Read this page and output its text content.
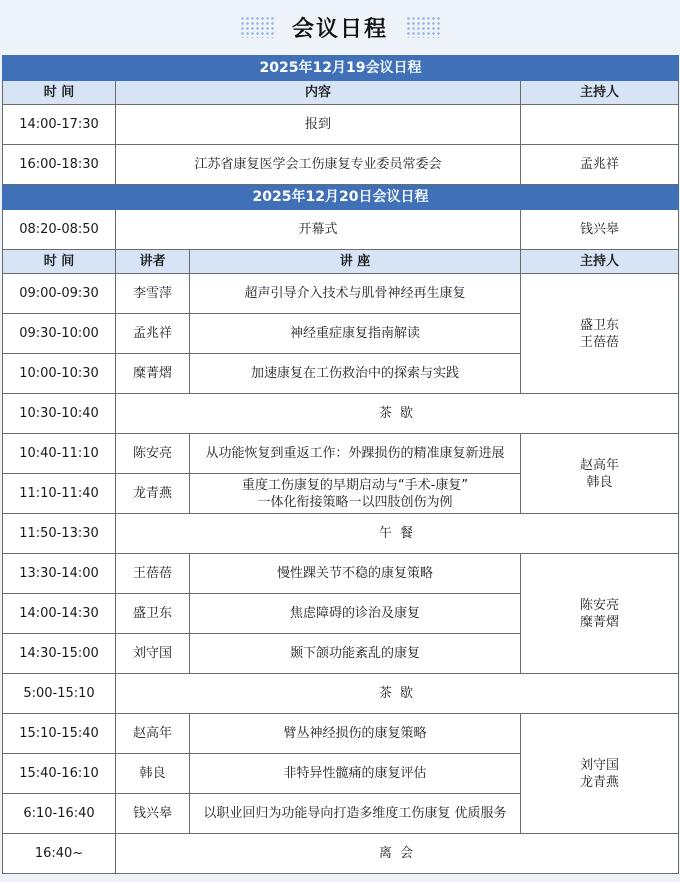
会议日程
2025年12月19会议日程			
时 间	内容		主持人
14:00-17:30	报到		
16:00-18:30	江苏省康复医学会工伤康复专业委员常委会		孟兆祥
2025年12月20日会议日程			
08:20-08:50	开幕式		钱兴皋
时 间	讲者	讲 座	主持人
09:00-09:30	李雪萍	超声引导介入技术与肌骨神经再生康复	盛卫东
王蓓蓓
09:30-10:00	孟兆祥	神经重症康复指南解读	
10:00-10:30	糜菁熠	加速康复在工伤救治中的探索与实践	
10:30-10:40	茶 歇		
10:40-11:10	陈安亮	从功能恢复到重返工作：外踝损伤的精准康复新进展	赵高年
韩良
11:10-11:40	龙青燕	重度工伤康复的早期启动与“手术-康复”
一体化衔接策略一以四肢创伤为例	
11:50-13:30	午 餐		
13:30-14:00	王蓓蓓	慢性踝关节不稳的康复策略	陈安亮
糜菁熠
14:00-14:30	盛卫东	焦虑障碍的诊治及康复	
14:30-15:00	刘守国	颞下颌功能紊乱的康复	
5:00-15:10	茶 歇		
15:10-15:40	赵高年	臂丛神经损伤的康复策略	刘守国
龙青燕
15:40-16:10	韩良	非特异性髋痛的康复评估	
6:10-16:40	钱兴皋	以职业回归为功能导向打造多维度工伤康复 优质服务	
16:40~	离 会		
